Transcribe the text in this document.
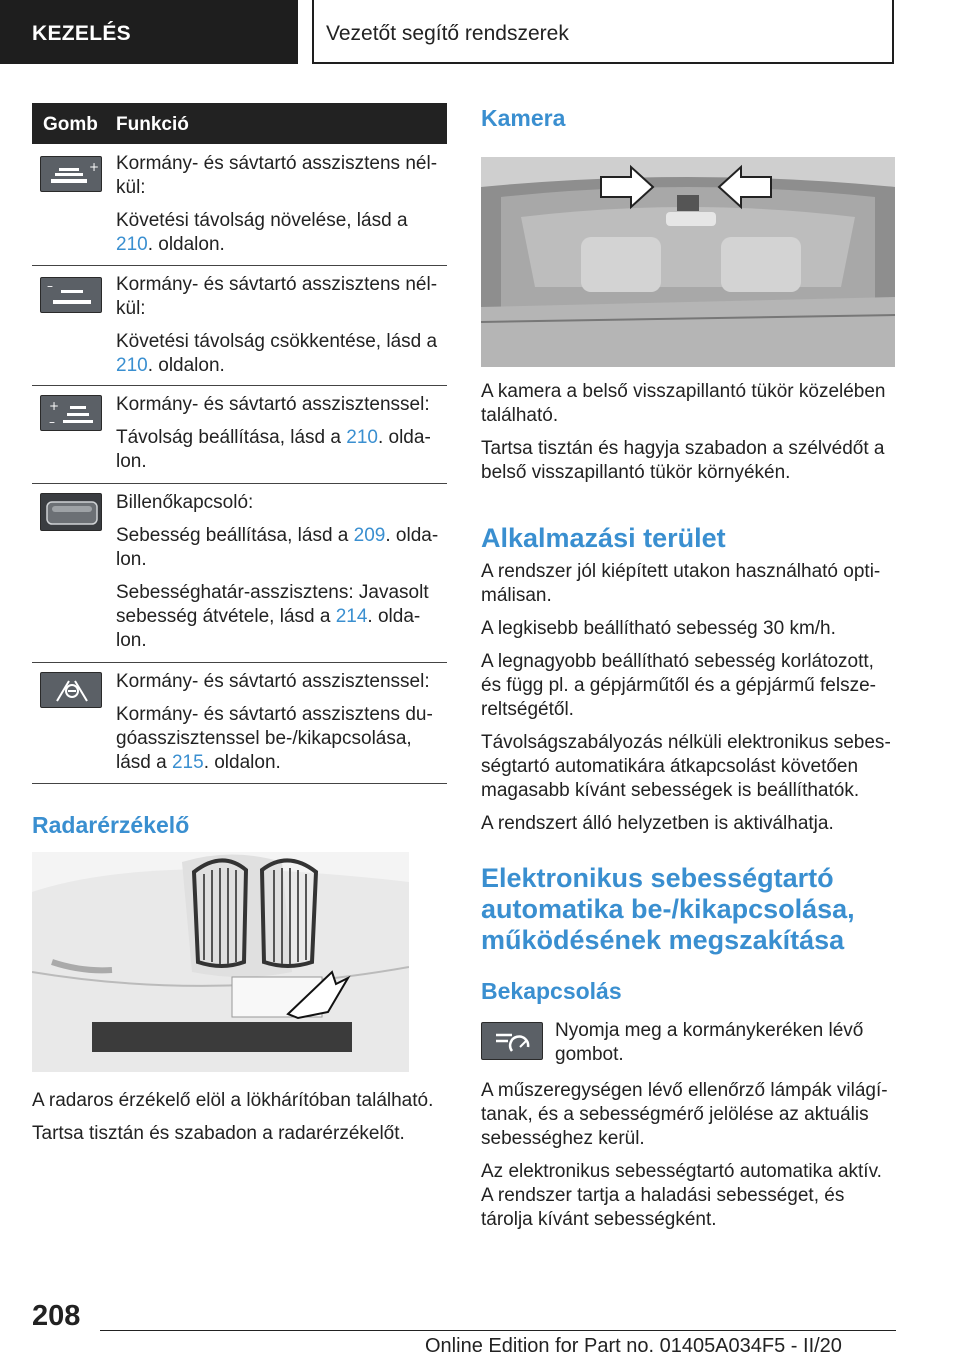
KEZELÉS	Vezetőt segítő rendszerek
Gomb Funkció
+ Kormány- és sávtartó asszisztens nélkül:

Követési távolság növelése, lásd a 210. oldalon.

–	Kormány- és sávtartó asszisztens nélkül:

Követési távolság csökkentése, lásd a 210. oldalon.

+
–

Kormány- és sávtartó asszisztenssel:

Távolság beállítása, lásd a 210. oldalon.

Billenőkapcsoló:

Sebesség beállítása, lásd a 209. oldalon.

Sebességhatár-asszisztens: Javasolt sebesség átvétele, lásd a 214. oldalon.

Kormány- és sávtartó asszisztenssel:

Kormány- és sávtartó asszisztens dugóasszisztenssel be-/kikapcsolása, lásd a 215. oldalon.

Radarérzékelő

A radaros érzékelő elöl a lökhárítóban található.

Tartsa tisztán és szabadon a radarérzékelőt.

Kamera

A kamera a belső visszapillantó tükör közelében található.

Tartsa tisztán és hagyja szabadon a szélvédőt a belső visszapillantó tükör környékén.

Alkalmazási terület

A rendszer jól kiépített utakon használható optimálisan.

A legkisebb beállítható sebesség 30 km/h.

A legnagyobb beállítható sebesség korlátozott, és függ pl. a gépjárműtől és a gépjármű felszereltségétől.

Távolságszabályozás nélküli elektronikus sebességtartó automatikára átkapcsolást követően magasabb kívánt sebességek is beállíthatók.

A rendszert álló helyzetben is aktiválhatja.

Elektronikus sebességtartó automatika be-/kikapcsolása, működésének megszakítása
Bekapcsolás
Nyomja meg a kormánykeréken lévő gombot.

A műszeregységen lévő ellenőrző lámpák világítanak, és a sebességmérő jelölése az aktuális sebességhez kerül.

Az elektronikus sebességtartó automatika aktív. A rendszer tartja a haladási sebességet, és tárolja kívánt sebességként.

208
Online Edition for Part no. 01405A034F5 - II/20
